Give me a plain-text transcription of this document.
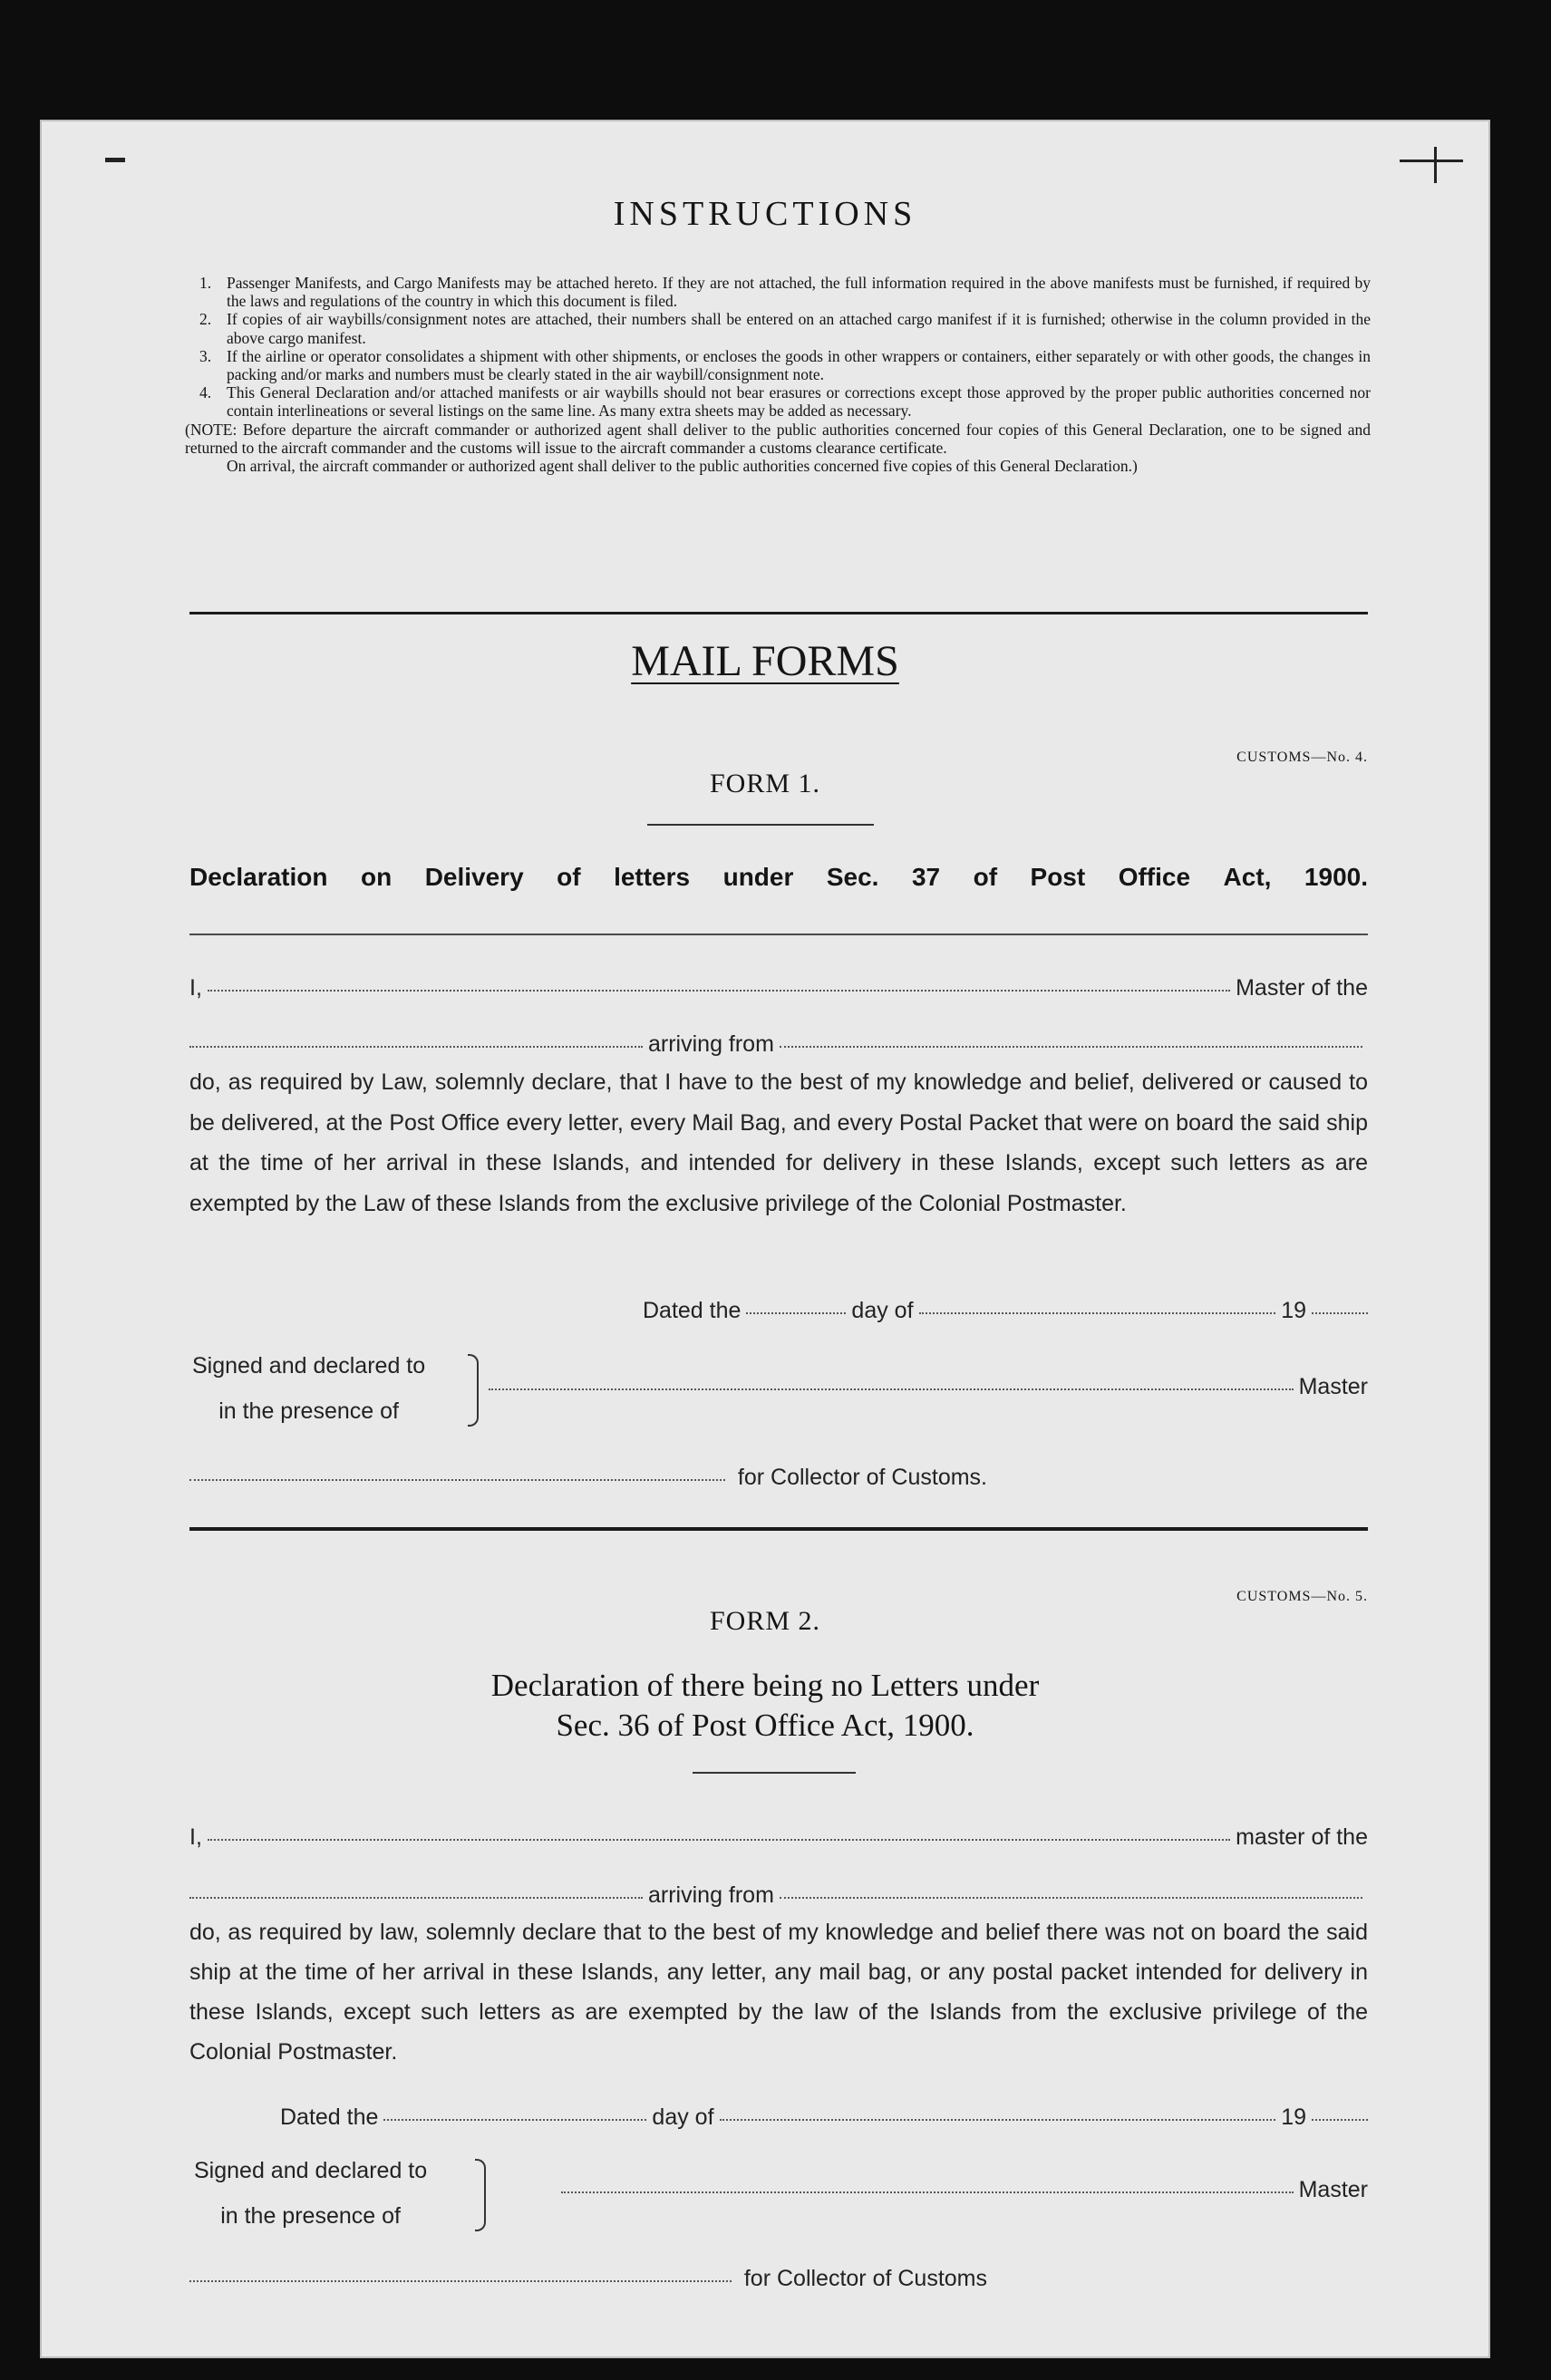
INSTRUCTIONS
1. Passenger Manifests, and Cargo Manifests may be attached hereto. If they are not attached, the full information required in the above manifests must be furnished, if required by the laws and regulations of the country in which this document is filed.
2. If copies of air waybills/consignment notes are attached, their numbers shall be entered on an attached cargo manifest if it is furnished; otherwise in the column provided in the above cargo manifest.
3. If the airline or operator consolidates a shipment with other shipments, or encloses the goods in other wrappers or containers, either separately or with other goods, the changes in packing and/or marks and numbers must be clearly stated in the air waybill/consignment note.
4. This General Declaration and/or attached manifests or air waybills should not bear erasures or corrections except those approved by the proper public authorities concerned nor contain interlineations or several listings on the same line. As many extra sheets may be added as necessary.
(NOTE: Before departure the aircraft commander or authorized agent shall deliver to the public authorities concerned four copies of this General Declaration, one to be signed and returned to the aircraft commander and the customs will issue to the aircraft commander a customs clearance certificate.
On arrival, the aircraft commander or authorized agent shall deliver to the public authorities concerned five copies of this General Declaration.)
MAIL FORMS
CUSTOMS—No. 4.
FORM 1.
Declaration on Delivery of letters under Sec. 37 of Post Office Act, 1900.
I,	Master of the
arriving from
do, as required by Law, solemnly declare, that I have to the best of my knowledge and belief, delivered or caused to be delivered, at the Post Office every letter, every Mail Bag, and every Postal Packet that were on board the said ship at the time of her arrival in these Islands, and intended for delivery in these Islands, except such letters as are exempted by the Law of these Islands from the exclusive privilege of the Colonial Postmaster.
Dated the	day of	19
Signed and declared to
in the presence of
Master
for Collector of Customs.
CUSTOMS—No. 5.
FORM 2.
Declaration of there being no Letters under
Sec. 36 of Post Office Act, 1900.
I,	master of the
arriving from
do, as required by law, solemnly declare that to the best of my knowledge and belief there was not on board the said ship at the time of her arrival in these Islands, any letter, any mail bag, or any postal packet intended for delivery in these Islands, except such letters as are exempted by the law of the Islands from the exclusive privilege of the Colonial Postmaster.
Dated the	day of	19
Signed and declared to
in the presence of
Master
for Collector of Customs
